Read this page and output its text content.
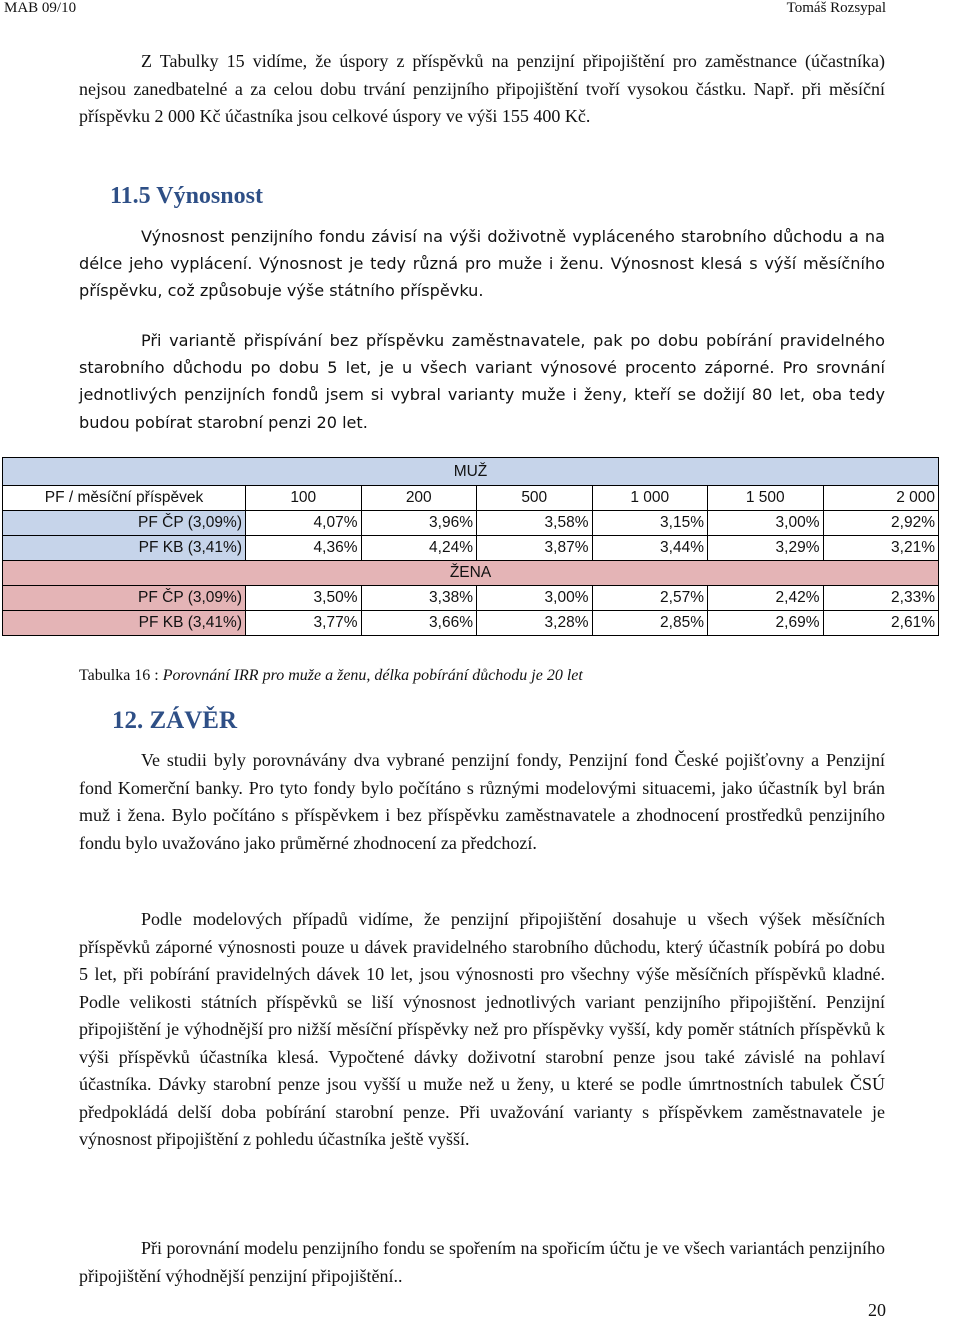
MAB 09/10	Tomáš Rozsypal

Z Tabulky 15 vidíme, že úspory z příspěvků na penzijní připojištění pro zaměstnance (účastníka) nejsou zanedbatelné a za celou dobu trvání penzijního připojištění tvoří vysokou částku. Např. při měsíční příspěvku 2 000 Kč účastníka jsou celkové úspory ve výši 155 400 Kč.

11.5 Výnosnost

Výnosnost penzijního fondu závisí na výši doživotně vypláceného starobního důchodu a na délce jeho vyplácení. Výnosnost je tedy různá pro muže i ženu. Výnosnost klesá s výší měsíčního příspěvku, což způsobuje výše státního příspěvku.

Při variantě přispívání bez příspěvku zaměstnavatele, pak po dobu pobírání pravidelného starobního důchodu po dobu 5 let, je u všech variant výnosové procento záporné. Pro srovnání jednotlivých penzijních fondů jsem si vybral varianty muže i ženy, kteří se dožijí 80 let, oba tedy budou pobírat starobní penzi 20 let.

MUŽ						
PF / měsíční příspěvek	100	200	500	1 000	1 500	2 000
PF ČP (3,09%)	4,07%	3,96%	3,58%	3,15%	3,00%	2,92%
PF KB (3,41%)	4,36%	4,24%	3,87%	3,44%	3,29%	3,21%
ŽENA						
PF ČP (3,09%)	3,50%	3,38%	3,00%	2,57%	2,42%	2,33%
PF KB (3,41%)	3,77%	3,66%	3,28%	2,85%	2,69%	2,61%
Tabulka 16 : Porovnání IRR pro muže a ženu, délka pobírání důchodu je 20 let
12. ZÁVĚR

Ve studii byly porovnávány dva vybrané penzijní fondy, Penzijní fond České pojišťovny a Penzijní fond Komerční banky. Pro tyto fondy bylo počítáno s různými modelovými situacemi, jako účastník byl brán muž i žena. Bylo počítáno s příspěvkem i bez příspěvku zaměstnavatele a zhodnocení prostředků penzijního fondu bylo uvažováno jako průměrné zhodnocení za předchozí.

Podle modelových případů vidíme, že penzijní připojištění dosahuje u všech výšek měsíčních příspěvků záporné výnosnosti pouze u dávek pravidelného starobního důchodu, který účastník pobírá po dobu 5 let, při pobírání pravidelných dávek 10 let, jsou výnosnosti pro všechny výše měsíčních příspěvků kladné. Podle velikosti státních příspěvků se liší výnosnost jednotlivých variant penzijního připojištění. Penzijní připojištění je výhodnější pro nižší měsíční příspěvky než pro příspěvky vyšší, kdy poměr státních příspěvků k výši příspěvků účastníka klesá. Vypočtené dávky doživotní starobní penze jsou také závislé na pohlaví účastníka. Dávky starobní penze jsou vyšší u muže než u ženy, u které se podle úmrtnostních tabulek ČSÚ předpokládá delší doba pobírání starobní penze. Při uvažování varianty s příspěvkem zaměstnavatele je výnosnost připojištění z pohledu účastníka ještě vyšší.

Při porovnání modelu penzijního fondu se spořením na spořicím účtu je ve všech variantách penzijního připojištění výhodnější penzijní připojištění..

20
